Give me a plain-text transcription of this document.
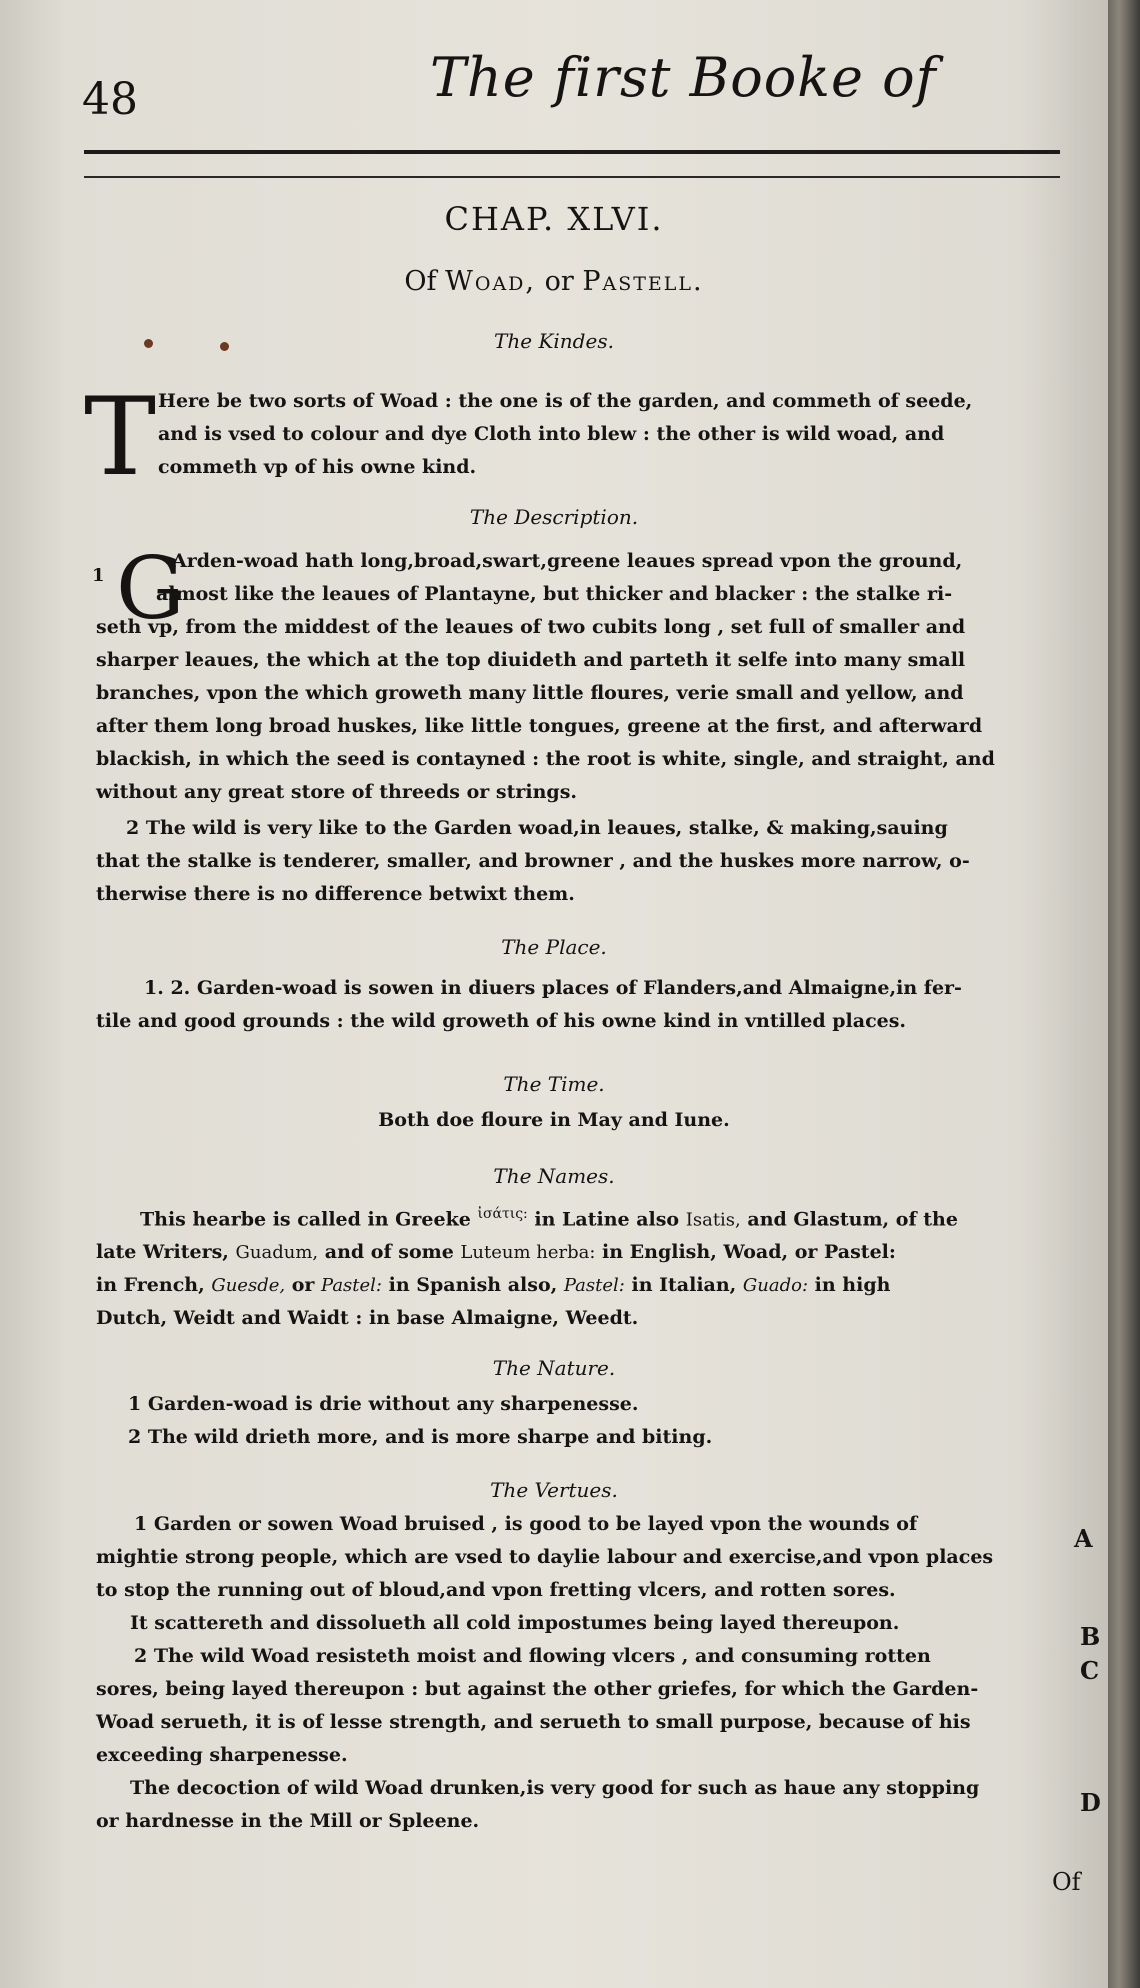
48	The first Booke of
CHAP. XLVI.
Of Woad, or Pastell.
The Kindes.
T Here be two sorts of Woad : the one is of the garden, and commeth of seede,

and is vsed to colour and dye Cloth into blew : the other is wild woad, and

commeth vp of his owne kind.

The Description.
1 G

Arden-woad hath long,broad,swart,greene leaues spread vpon the ground,

almost like the leaues of Plantayne, but thicker and blacker : the stalke ri-

seth vp, from the middest of the leaues of two cubits long , set full of smaller and

sharper leaues, the which at the top diuideth and parteth it selfe into many small

branches, vpon the which groweth many little floures, verie small and yellow, and

after them long broad huskes, like little tongues, greene at the first, and afterward

blackish, in which the seed is contayned : the root is white, single, and straight, and

without any great store of threeds or strings.

2 The wild is very like to the Garden woad,in leaues, stalke, & making,sauing

that the stalke is tenderer, smaller, and browner , and the huskes more narrow, o-

therwise there is no difference betwixt them.

The Place.

1. 2. Garden-woad is sowen in diuers places of Flanders,and Almaigne,in fer-

tile and good grounds : the wild groweth of his owne kind in vntilled places.

The Time.
Both doe floure in May and Iune.
The Names.

This hearbe is called in Greeke $^{ἰ\sigma ά\tau\iota\varsigma:}$ in Latine also Isatis, and Glastum, of the

late Writers, Guadum, and of some Luteum herba: in English, Woad, or Pastel:

in French, Guesde, or Pastel: in Spanish also, Pastel: in Italian, Guado: in high

Dutch, Weidt and Waidt : in base Almaigne, Weedt.

The Nature.

1 Garden-woad is drie without any sharpenesse.

2 The wild drieth more, and is more sharpe and biting.

The Vertues.

1 Garden or sowen Woad bruised , is good to be layed vpon the wounds of

mightie strong people, which are vsed to daylie labour and exercise,and vpon places

to stop the running out of bloud,and vpon fretting vlcers, and rotten sores.

It scattereth and dissolueth all cold impostumes being layed thereupon.

2 The wild Woad resisteth moist and flowing vlcers , and consuming rotten

sores, being layed thereupon : but against the other griefes, for which the Garden-

Woad serueth, it is of lesse strength, and serueth to small purpose, because of his

exceeding sharpenesse.

The decoction of wild Woad drunken,is very good for such as haue any stopping

or hardnesse in the Mill or Spleene.

A
B
C
D
Of
